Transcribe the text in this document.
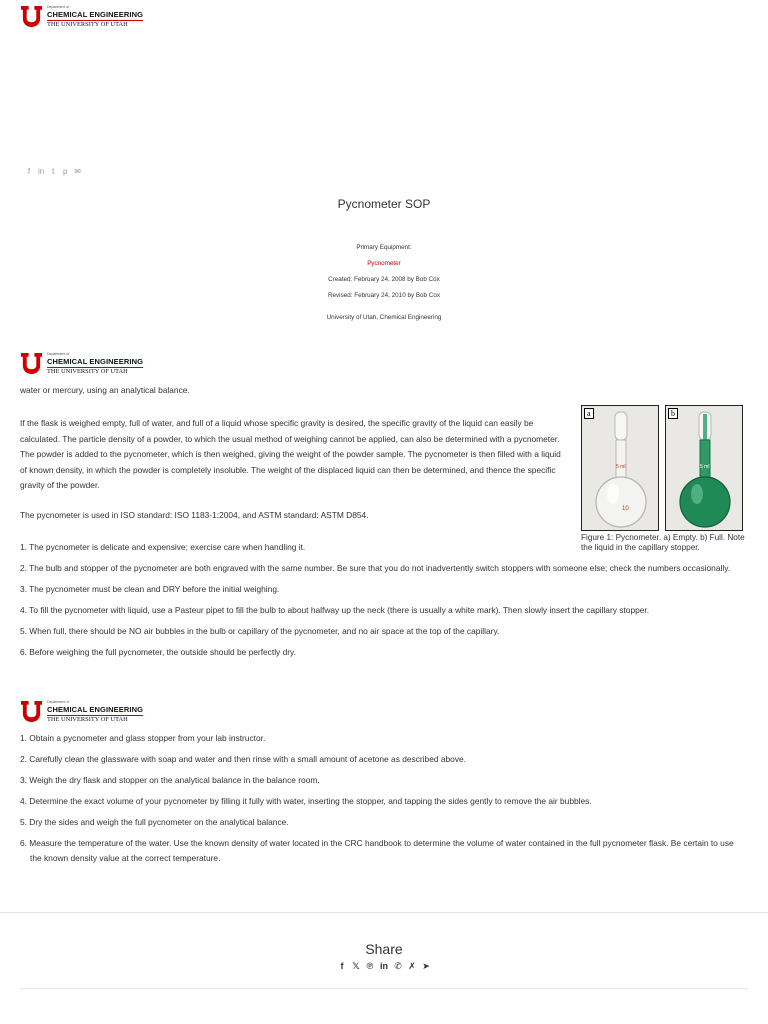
Department of
CHEMICAL ENGINEERING
THE UNIVERSITY OF UTAH
f in t p ✉
Pycnometer SOP
Primary Equipment:
Pycnometer
Created: February 24, 2008 by Bob Cox
Revised: February 24, 2010 by Bob Cox
University of Utah, Chemical Engineering
Department of
CHEMICAL ENGINEERING
THE UNIVERSITY OF UTAH
water or mercury, using an analytical balance.

If the flask is weighed empty, full of water, and full of a liquid whose specific gravity is desired, the specific gravity of the liquid can easily be calculated. The particle density of a powder, to which the usual method of weighing cannot be applied, can also be determined with a pycnometer. The powder is added to the pycnometer, which is then weighed, giving the weight of the powder sample. The pycnometer is then filled with a liquid of known density, in which the powder is completely insoluble. The weight of the displaced liquid can then be determined, and thence the specific gravity of the powder.

The pycnometer is used in ISO standard: ISO 1183-1:2004, and ASTM standard: ASTM D854.

5 ml
10
a
5 ml
b
Figure 1: Pycnometer. a) Empty. b) Full. Note the liquid in the capillary stopper.
1. The pycnometer is delicate and expensive; exercise care when handling it.
2. The bulb and stopper of the pycnometer are both engraved with the same number. Be sure that you do not inadvertently switch stoppers with someone else; check the numbers occasionally.
3. The pycnometer must be clean and DRY before the initial weighing.
4. To fill the pycnometer with liquid, use a Pasteur pipet to fill the bulb to about halfway up the neck (there is usually a white mark). Then slowly insert the capillary stopper.
5. When full, there should be NO air bubbles in the bulb or capillary of the pycnometer, and no air space at the top of the capillary.
6. Before weighing the full pycnometer, the outside should be perfectly dry.
Department of
CHEMICAL ENGINEERING
THE UNIVERSITY OF UTAH
1. Obtain a pycnometer and glass stopper from your lab instructor.
2. Carefully clean the glassware with soap and water and then rinse with a small amount of acetone as described above.
3. Weigh the dry flask and stopper on the analytical balance in the balance room.
4. Determine the exact volume of your pycnometer by filling it fully with water, inserting the stopper, and tapping the sides gently to remove the air bubbles.
5. Dry the sides and weigh the full pycnometer on the analytical balance.
6. Measure the temperature of the water. Use the known density of water located in the CRC handbook to determine the volume of water contained in the full pycnometer flask. Be certain to use the known density value at the correct temperature.
Share
f 𝕏 ℗ in ✆ ✗ ➤
